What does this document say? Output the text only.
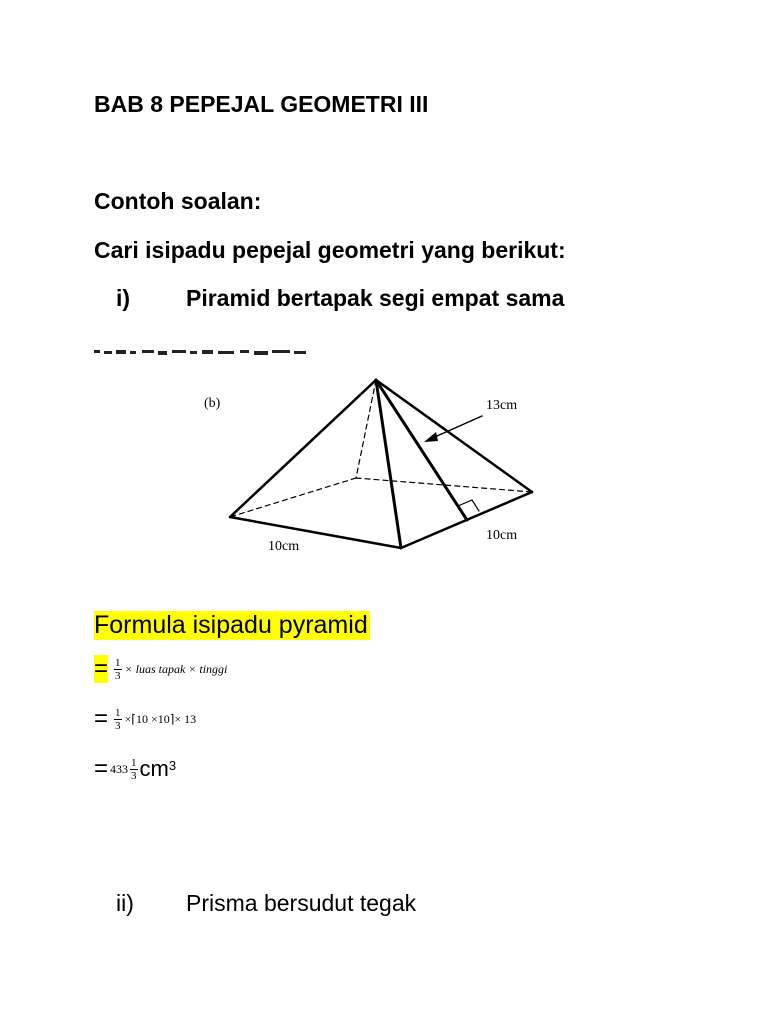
BAB 8 PEPEJAL GEOMETRI III
Contoh soalan:
Cari isipadu pepejal geometri yang berikut:
i) Piramid bertapak segi empat sama
(b)	13cm
10cm
10cm
Formula isipadu pyramid
= $\frac{1}{3}$ × luas tapak × tinggi
= $\frac{1}{3}$ ×⌈10 ×10⌉× 13
= $433 \frac{1}{3}$ cm 3
ii) Prisma bersudut tegak
